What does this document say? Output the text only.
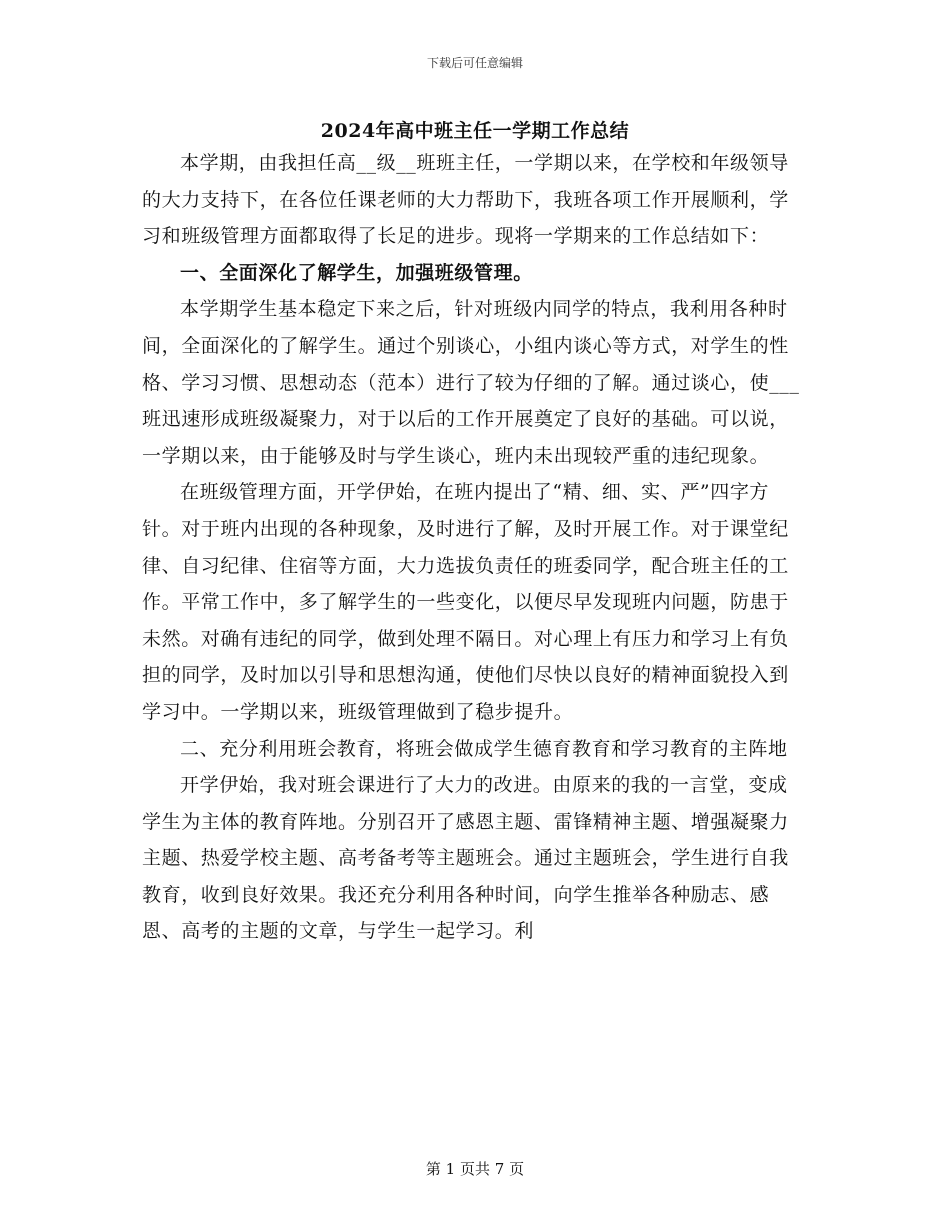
下载后可任意编辑
2024年高中班主任一学期工作总结

本学期，由我担任高__级__班班主任，一学期以来，在学校和年级领导的大力支持下，在各位任课老师的大力帮助下，我班各项工作开展顺利，学习和班级管理方面都取得了长足的进步。现将一学期来的工作总结如下：

一、全面深化了解学生，加强班级管理。

本学期学生基本稳定下来之后，针对班级内同学的特点，我利用各种时间，全面深化的了解学生。通过个别谈心，小组内谈心等方式，对学生的性格、学习习惯、思想动态（范本）进行了较为仔细的了解。通过谈心，使___班迅速形成班级凝聚力，对于以后的工作开展奠定了良好的基础。可以说，一学期以来，由于能够及时与学生谈心，班内未出现较严重的违纪现象。

在班级管理方面，开学伊始，在班内提出了“精、细、实、严”四字方针。对于班内出现的各种现象，及时进行了解，及时开展工作。对于课堂纪律、自习纪律、住宿等方面，大力选拔负责任的班委同学，配合班主任的工作。平常工作中，多了解学生的一些变化，以便尽早发现班内问题，防患于未然。对确有违纪的同学，做到处理不隔日。对心理上有压力和学习上有负担的同学，及时加以引导和思想沟通，使他们尽快以良好的精神面貌投入到学习中。一学期以来，班级管理做到了稳步提升。

二、充分利用班会教育，将班会做成学生德育教育和学习教育的主阵地

开学伊始，我对班会课进行了大力的改进。由原来的我的一言堂，变成学生为主体的教育阵地。分别召开了感恩主题、雷锋精神主题、增强凝聚力主题、热爱学校主题、高考备考等主题班会。通过主题班会，学生进行自我教育，收到良好效果。我还充分利用各种时间，向学生推举各种励志、感恩、高考的主题的文章，与学生一起学习。利

第 1 页共 7 页
